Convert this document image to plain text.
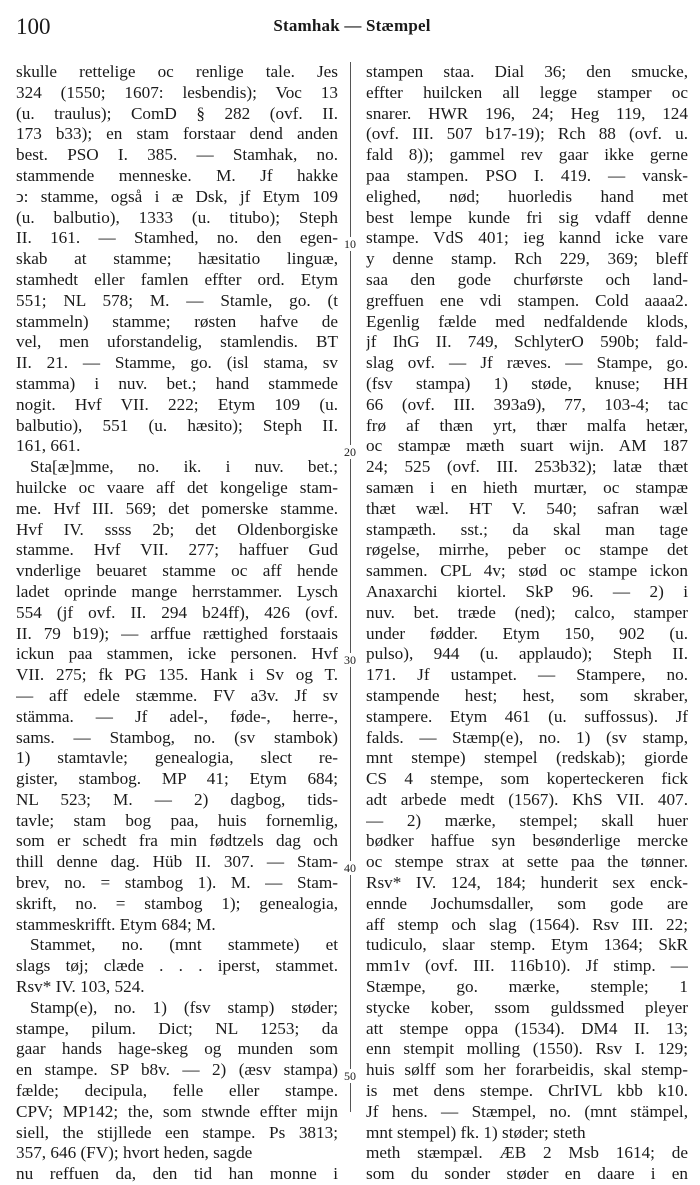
100	Stamhak — Stæmpel
skulle rettelige oc renlige tale. Jes
324 (1550; 1607: lesbendis); Voc 13
(u. traulus); ComD § 282 (ovf. II.
173 b33); en stam forstaar dend anden
best. PSO I. 385. — Stamhak, no.
stammende menneske. M. Jf hakke
ↄ: stamme, også i æ Dsk, jf Etym 109
(u. balbutio), 1333 (u. titubo); Steph
II. 161. — Stamhed, no. den egen-
skab at stamme; hæsitatio linguæ,
stamhedt eller famlen effter ord. Etym
551; NL 578; M. — Stamle, go. (t
stammeln) stamme; røsten hafve de
vel, men uforstandelig, stamlendis. BT
II. 21. — Stamme, go. (isl stama, sv
stamma) i nuv. bet.; hand stammede
nogit. Hvf VII. 222; Etym 109 (u.
balbutio), 551 (u. hæsito); Steph II.
161, 661.
Sta[æ]mme, no. ik. i nuv. bet.;
huilcke oc vaare aff det kongelige stam-
me. Hvf III. 569; det pomerske stamme.
Hvf IV. ssss 2b; det Oldenborgiske
stamme. Hvf VII. 277; haffuer Gud
vnderlige beuaret stamme oc aff hende
ladet oprinde mange herrstammer. Lysch
554 (jf ovf. II. 294 b24ff), 426 (ovf.
II. 79 b19); — arffue rættighed forstaais
ickun paa stammen, icke personen. Hvf
VII. 275; fk PG 135. Hank i Sv og T.
— aff edele stæmme. FV a3v. Jf sv
stämma. — Jf adel-, føde-, herre-,
sams. — Stambog, no. (sv stambok)
1) stamtavle; genealogia, slect re-
gister, stambog. MP 41; Etym 684;
NL 523; M. — 2) dagbog, tids-
tavle; stam bog paa, huis fornemlig,
som er schedt fra min fødtzels dag och
thill denne dag. Hüb II. 307. — Stam-
brev, no. = stambog 1). M. — Stam-
skrift, no. = stambog 1); genealogia,
stammeskrifft. Etym 684; M.
Stammet, no. (mnt stammete) et
slags tøj; clæde . . . iperst, stammet.
Rsv* IV. 103, 524.
Stamp(e), no. 1) (fsv stamp) støder;
stampe, pilum. Dict; NL 1253; da
gaar hands hage-skeg og munden som
en stampe. SP b8v. — 2) (æsv stampa)
fælde; decipula, felle eller stampe.
CPV; MP142; the, som stwnde effter mijn
siell, the stijllede een stampe. Ps 3813;
357, 646 (FV); hvort heden, sagde
nu reffuen da, den tid han monne i
stampen staa. Dial 36; den smucke,
effter huilcken all legge stamper oc
snarer. HWR 196, 24; Heg 119, 124
(ovf. III. 507 b17-19); Rch 88 (ovf. u.
fald 8)); gammel rev gaar ikke gerne
paa stampen. PSO I. 419. — vansk-
elighed, nød; huorledis hand met
best lempe kunde fri sig vdaff denne
stampe. VdS 401; ieg kannd icke vare
y denne stamp. Rch 229, 369; bleff
saa den gode churførste och land-
greffuen ene vdi stampen. Cold aaaa2.
Egenlig fælde med nedfaldende klods,
jf IhG II. 749, SchlyterO 590b; fald-
slag ovf. — Jf ræves. — Stampe, go.
(fsv stampa) 1) støde, knuse; HH
66 (ovf. III. 393a9), 77, 103-4; tac
frø af thæn yrt, thær malfa hetær,
oc stampæ mæth suart wijn. AM 187
24; 525 (ovf. III. 253b32); latæ thæt
samæn i en hieth murtær, oc stampæ
thæt wæl. HT V. 540; safran wæl
stampæth. sst.; da skal man tage
røgelse, mirrhe, peber oc stampe det
sammen. CPL 4v; stød oc stampe ickon
Anaxarchi kiortel. SkP 96. — 2) i
nuv. bet. træde (ned); calco, stamper
under fødder. Etym 150, 902 (u.
pulso), 944 (u. applaudo); Steph II.
171. Jf ustampet. — Stampere, no.
stampende hest; hest, som skraber,
stampere. Etym 461 (u. suffossus). Jf
falds. — Stæmp(e), no. 1) (sv stamp,
mnt stempe) stempel (redskab); giorde
CS 4 stempe, som koperteckeren fick
adt arbede medt (1567). KhS VII. 407.
— 2) mærke, stempel; skall huer
bødker haffue syn besønderlige mercke
oc stempe strax at sette paa the tønner.
Rsv* IV. 124, 184; hunderit sex enck-
ennde Jochumsdaller, som gode are
aff stemp och slag (1564). Rsv III. 22;
tudiculo, slaar stemp. Etym 1364; SkR
mm1v (ovf. III. 116b10). Jf stimp. —
Stæmpe, go. mærke, stemple; 1
stycke kober, ssom guldssmed pleyer
att stempe oppa (1534). DM4 II. 13;
enn stempit molling (1550). Rsv I. 129;
huis sølff som her forarbeidis, skal stemp-
is met dens stempe. ChrIVL kbb k10.
Jf hens. — Stæmpel, no. (mnt stämpel,
mnt stempel) fk. 1) støder; steth
meth stæmpæl. ÆB 2 Msb 1614; de
som du sonder støder en daare i en
10
20
30
40
50
